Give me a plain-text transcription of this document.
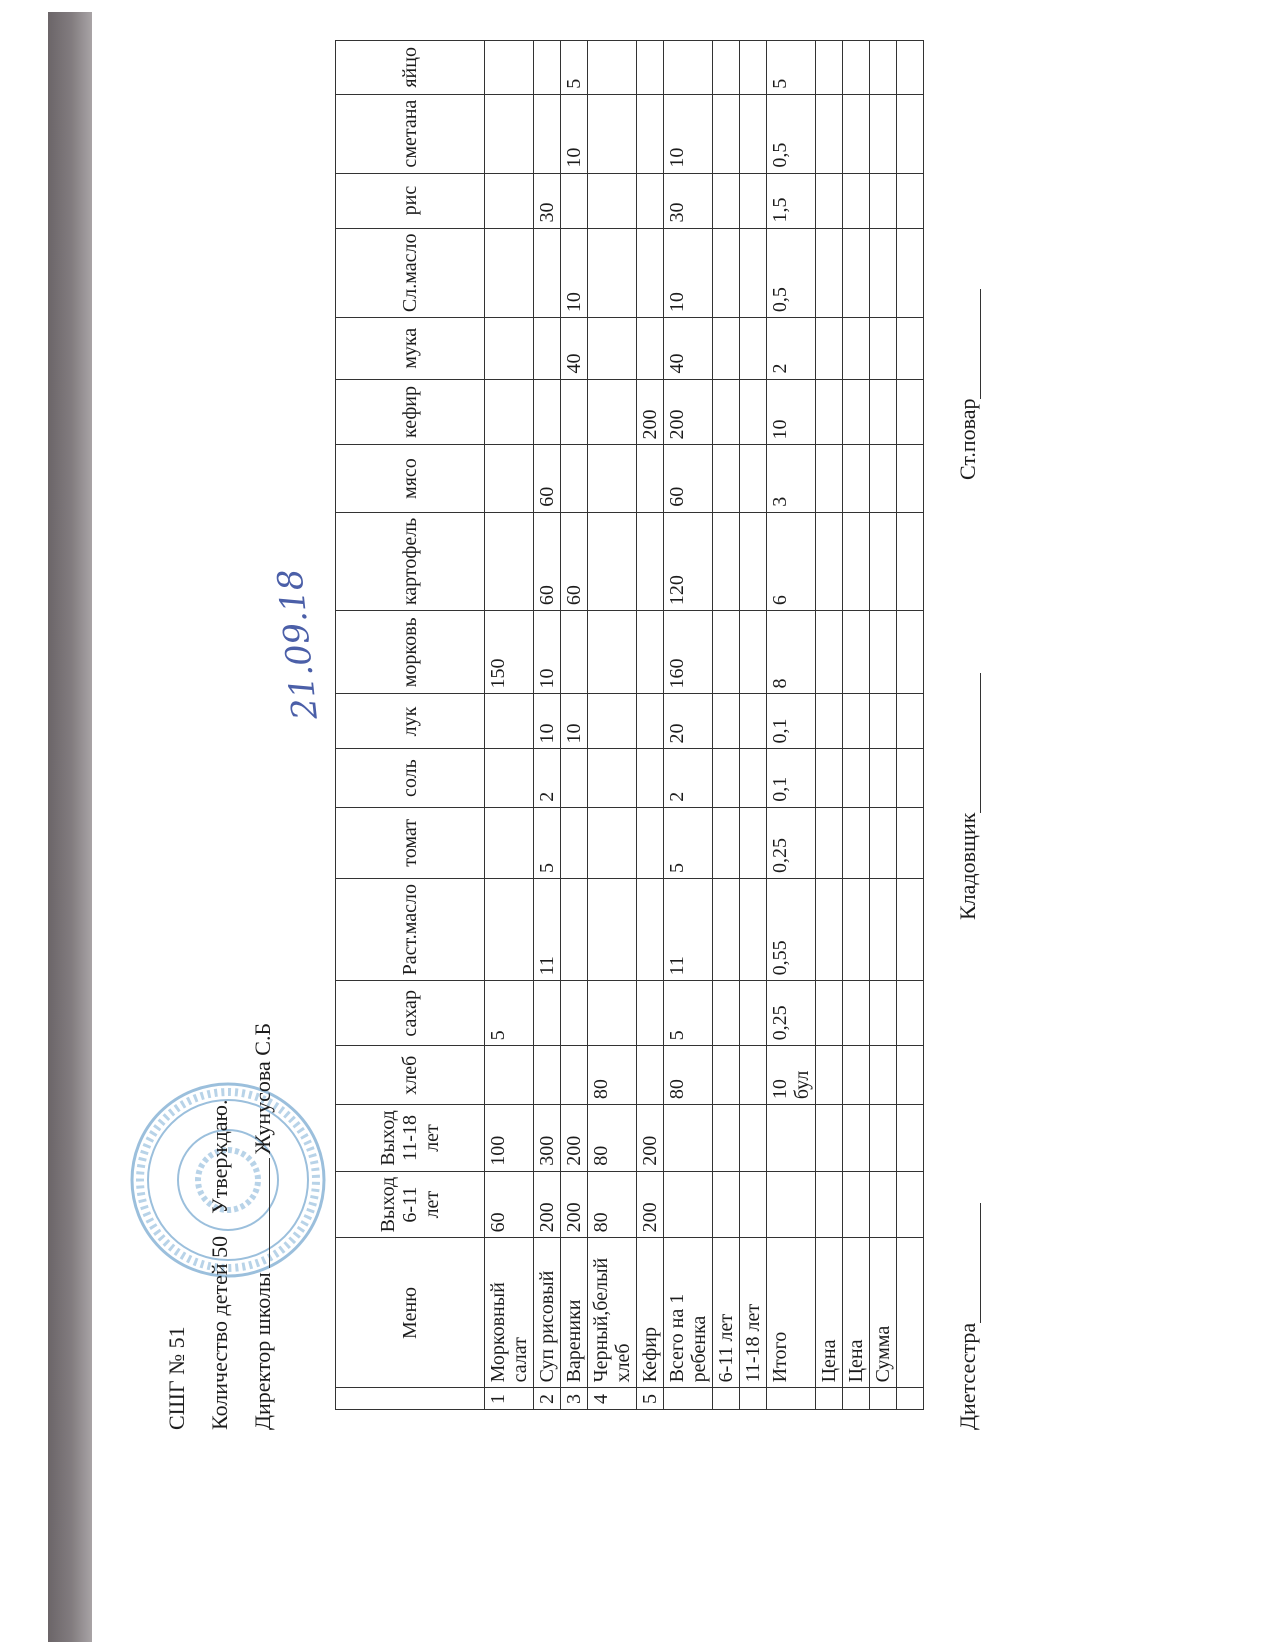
СШГ № 51 Количество детей 50    Утверждаю.
Директор школыЖунусова С.Б
21.09.18
	Меню	Выход 6-11 лет	Выход 11-18 лет	хлеб	сахар	Раст.масло	томат	соль	лук	морковь	картофель	мясо	кефир	мука	Сл.масло	рис	сметана	яйцо
1	Морковный салат	60	100		5					150								
2	Суп рисовый	200	300			11	5	2	10	10	60	60				30		
3	Вареники	200	200						10		60			40	10		10	5
4	Черный,белый хлеб	80	80	80														
5	Кефир	200	200										200					
	Всего на 1 ребенка			80	5	11	5	2	20	160	120	60	200	40	10	30	10	
	6-11 лет																	
	11-18 лет																	
	Итого			10 бул	0,25	0,55	0,25	0,1	0,1	8	6	3	10	2	0,5	1,5	0,5	5
	Цена																	
	Цена																	
	Сумма																	
																			Диетсестра
Кладовщик
Ст.повар
